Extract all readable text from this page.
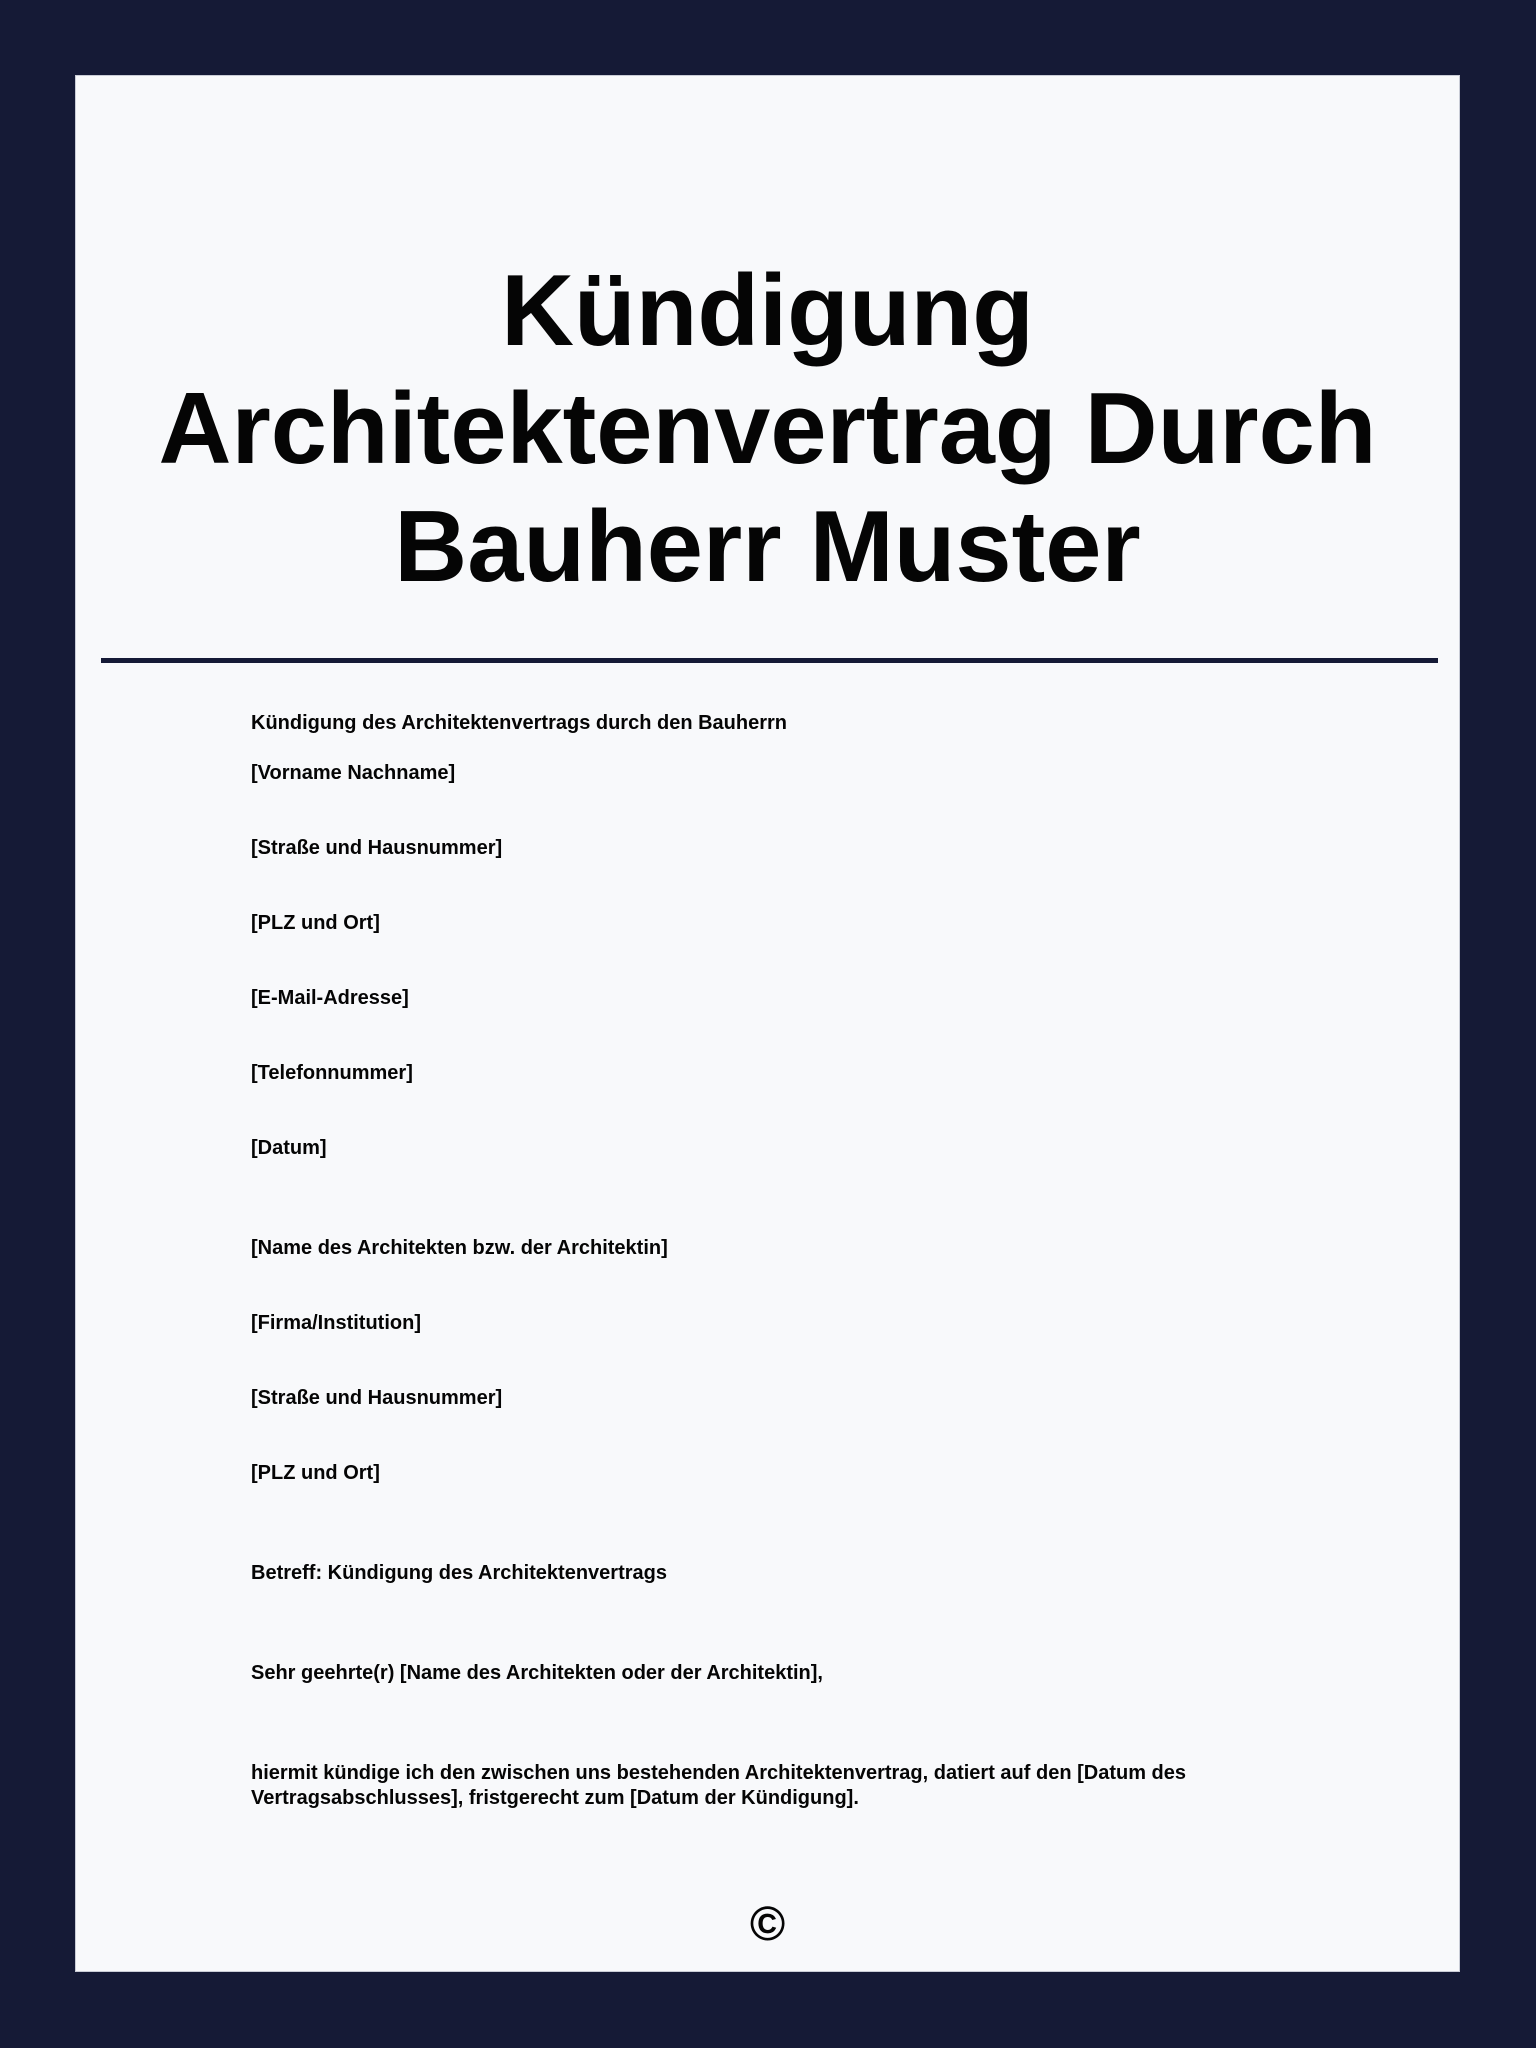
Kündigung Architektenvertrag Durch Bauherr Muster
Kündigung des Architektenvertrags durch den Bauherrn
[Vorname Nachname]
[Straße und Hausnummer]
[PLZ und Ort]
[E-Mail-Adresse]
[Telefonnummer]
[Datum]
[Name des Architekten bzw. der Architektin]
[Firma/Institution]
[Straße und Hausnummer]
[PLZ und Ort]
Betreff: Kündigung des Architektenvertrags
Sehr geehrte(r) [Name des Architekten oder der Architektin],
hiermit kündige ich den zwischen uns bestehenden Architektenvertrag, datiert auf den [Datum des Vertragsabschlusses], fristgerecht zum [Datum der Kündigung].
©
